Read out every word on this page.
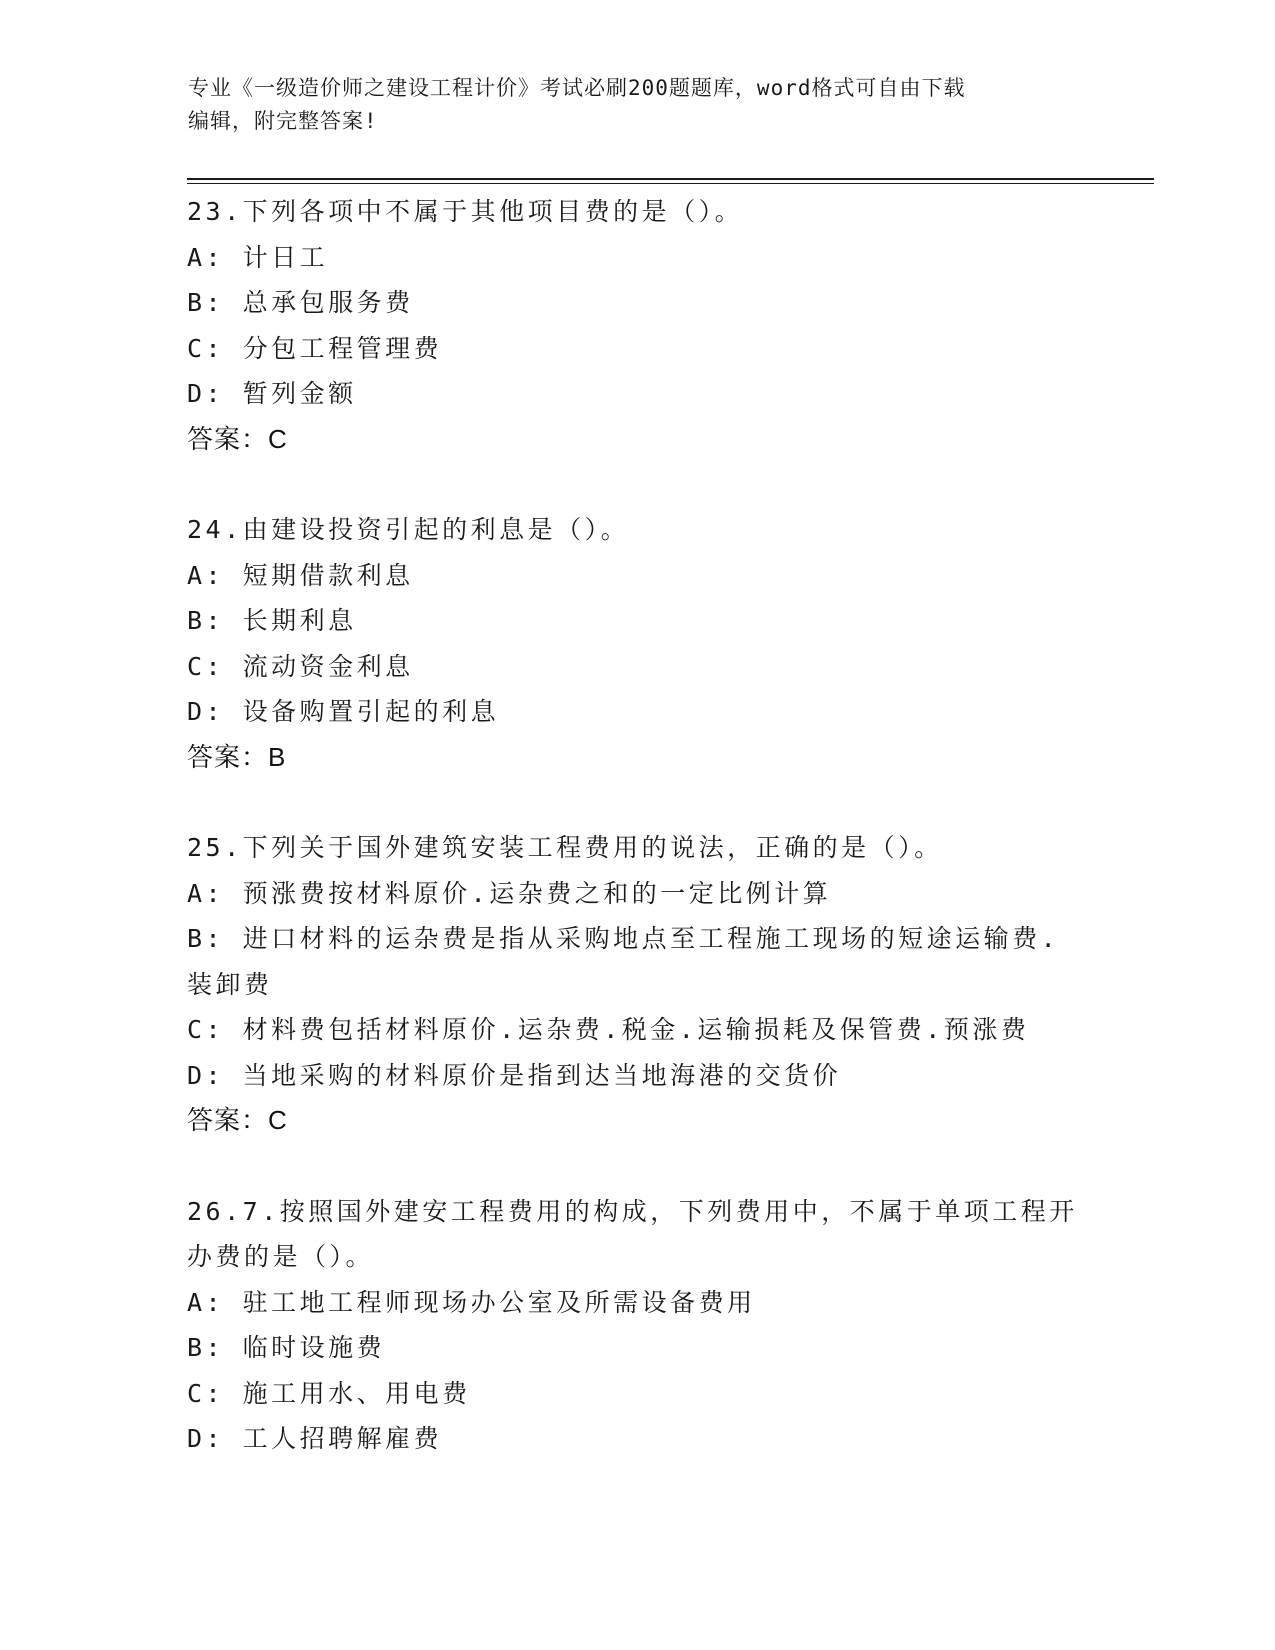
专业《一级造价师之建设工程计价》考试必刷200题题库，word格式可自由下载
编辑，附完整答案!
23.下列各项中不属于其他项目费的是（）。
A: 计日工
B: 总承包服务费
C: 分包工程管理费
D: 暂列金额
答案：C
24.由建设投资引起的利息是（）。
A: 短期借款利息
B: 长期利息
C: 流动资金利息
D: 设备购置引起的利息
答案：B
25.下列关于国外建筑安装工程费用的说法，正确的是（）。
A: 预涨费按材料原价.运杂费之和的一定比例计算
B: 进口材料的运杂费是指从采购地点至工程施工现场的短途运输费.
装卸费
C: 材料费包括材料原价.运杂费.税金.运输损耗及保管费.预涨费
D: 当地采购的材料原价是指到达当地海港的交货价
答案：C
26.7.按照国外建安工程费用的构成，下列费用中，不属于单项工程开
办费的是（）。
A: 驻工地工程师现场办公室及所需设备费用
B: 临时设施费
C: 施工用水、用电费
D: 工人招聘解雇费
